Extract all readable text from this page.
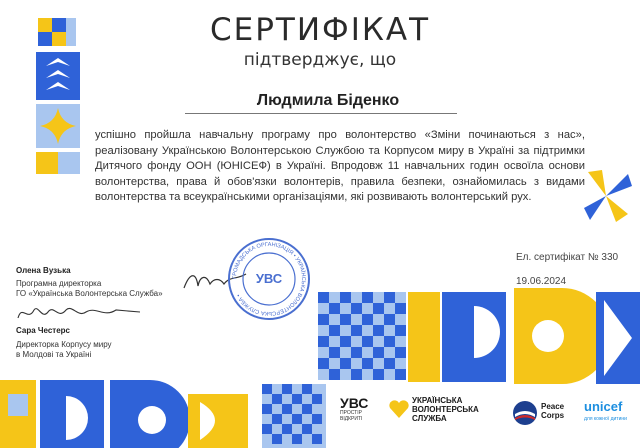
СЕРТИФІКАТ
підтверджує, що
Людмила Біденко
успішно пройшла навчальну програму про волонтерство «Зміни починаються з нас», реалізовану Українською Волонтерською Службою та Корпусом миру в Україні за підтримки Дитячого фонду ООН (ЮНІСЕФ) в Україні. Впродовж 11 навчальних годин освоїла основи волонтерства, права й обов'язки волонтерів, правила безпеки, ознайомилась з видами волонтерства та всеукраїнськими організаціями, які розвивають волонтерський рух.
Ел. сертифікат № 330
19.06.2024
Олена Вузька
Програмна директорка
ГО «Українська Волонтерська Служба»
Сара Честерс
Директорка Корпусу миру
в Молдові та Україні
ГРОМАДСЬКА ОРГАНІЗАЦІЯ • УКРАЇНСЬКА ВОЛОНТЕРСЬКА СЛУЖБА •
УВС
УВС
ПРОСТІР
ВІДКРИТІ
УКРАЇНСЬКА
ВОЛОНТЕРСЬКА
СЛУЖБА
Peace
Corps
unicef
для кожної дитини
